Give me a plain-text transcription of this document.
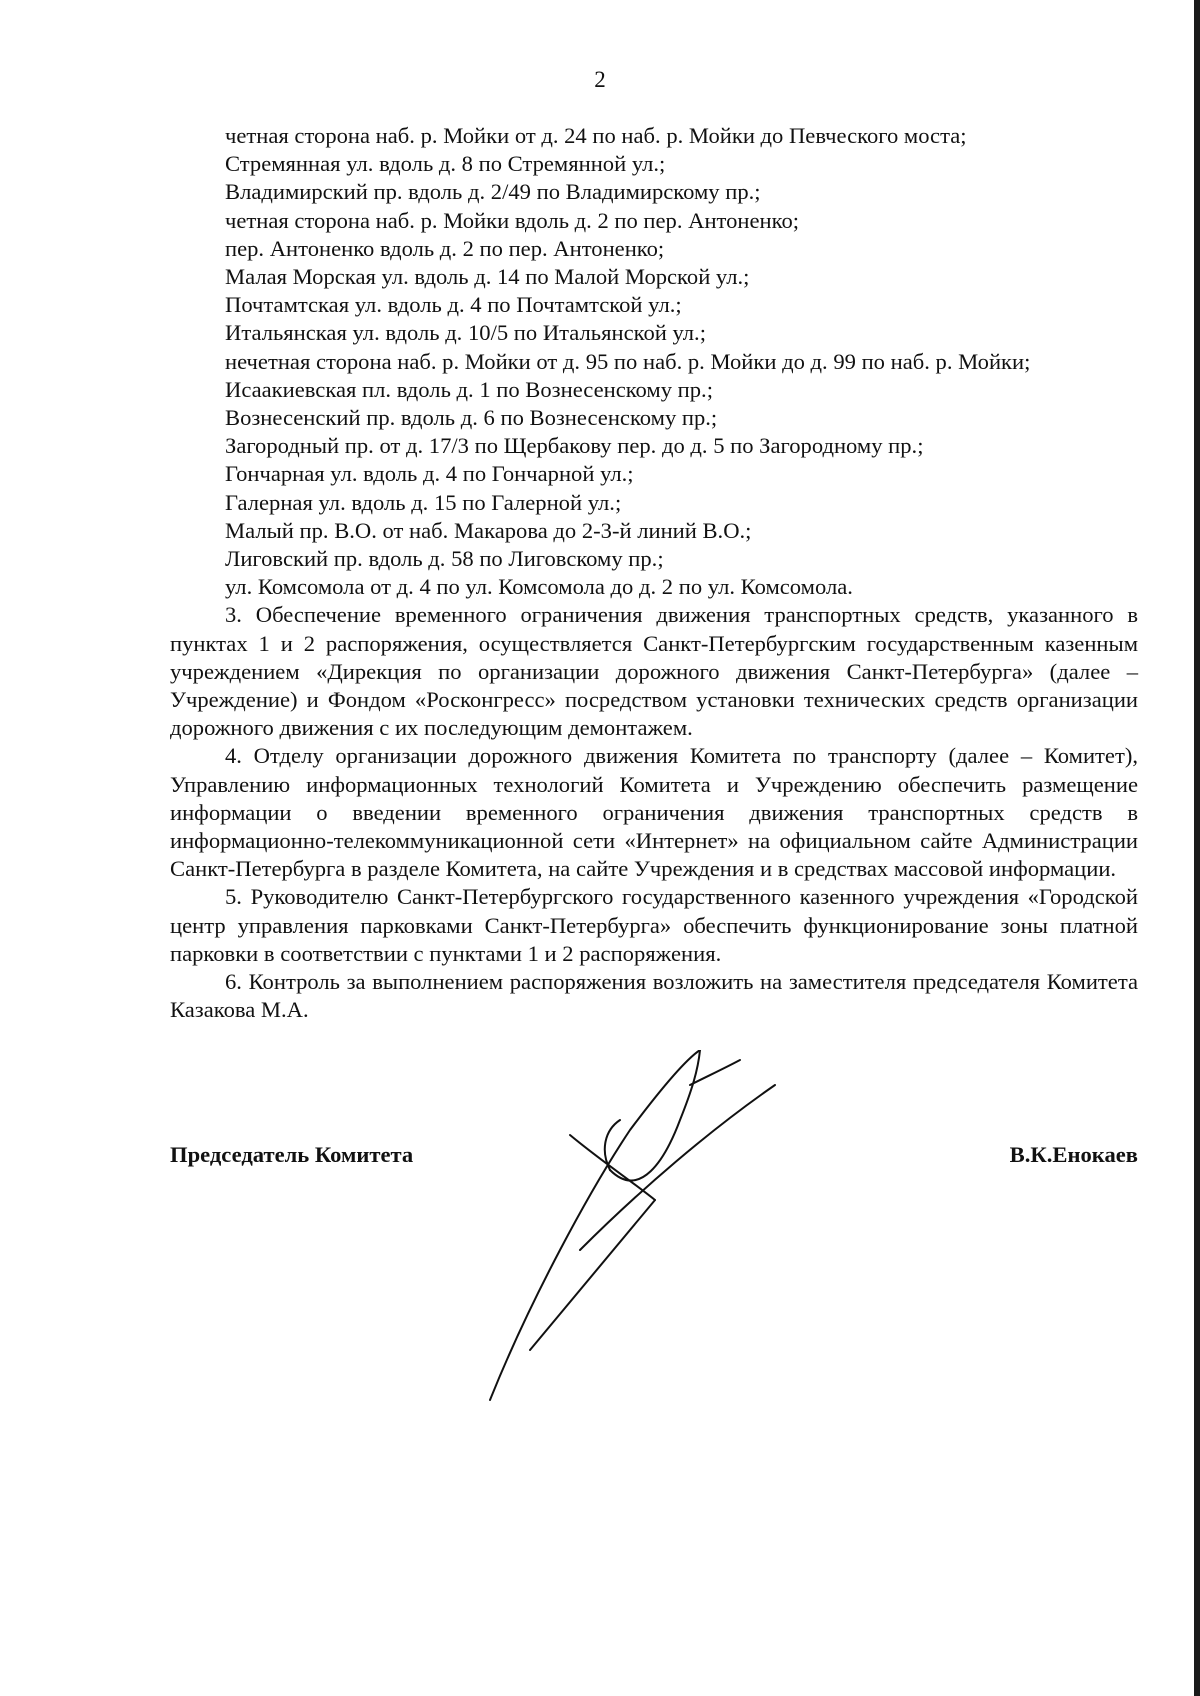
2
четная сторона наб. р. Мойки от д. 24 по наб. р. Мойки до Певческого моста;
Стремянная ул. вдоль д. 8 по Стремянной ул.;
Владимирский пр. вдоль д. 2/49 по Владимирскому пр.;
четная сторона наб. р. Мойки вдоль д. 2 по пер. Антоненко;
пер. Антоненко вдоль д. 2 по пер. Антоненко;
Малая Морская ул. вдоль д. 14 по Малой Морской ул.;
Почтамтская ул. вдоль д. 4 по Почтамтской ул.;
Итальянская ул. вдоль д. 10/5 по Итальянской ул.;
нечетная сторона наб. р. Мойки от д. 95 по наб. р. Мойки до д. 99 по наб. р. Мойки;
Исаакиевская пл. вдоль д. 1 по Вознесенскому пр.;
Вознесенский пр. вдоль д. 6 по Вознесенскому пр.;
Загородный пр. от д. 17/3 по Щербакову пер. до д. 5 по Загородному пр.;
Гончарная ул. вдоль д. 4 по Гончарной ул.;
Галерная ул. вдоль д. 15 по Галерной ул.;
Малый пр. В.О. от наб. Макарова до 2-3-й линий В.О.;
Лиговский пр. вдоль д. 58 по Лиговскому пр.;
ул. Комсомола от д. 4 по ул. Комсомола до д. 2 по ул. Комсомола.

3. Обеспечение временного ограничения движения транспортных средств, указанного в пунктах 1 и 2 распоряжения, осуществляется Санкт-Петербургским государственным казенным учреждением «Дирекция по организации дорожного движения Санкт-Петербурга» (далее – Учреждение) и Фондом «Росконгресс» посредством установки технических средств организации дорожного движения с их последующим демонтажем.

4. Отделу организации дорожного движения Комитета по транспорту (далее – Комитет), Управлению информационных технологий Комитета и Учреждению обеспечить размещение информации о введении временного ограничения движения транспортных средств в информационно-телекоммуникационной сети «Интернет» на официальном сайте Администрации Санкт-Петербурга в разделе Комитета, на сайте Учреждения и в средствах массовой информации.

5. Руководителю Санкт-Петербургского государственного казенного учреждения «Городской центр управления парковками Санкт-Петербурга» обеспечить функционирование зоны платной парковки в соответствии с пунктами 1 и 2 распоряжения.

6. Контроль за выполнением распоряжения возложить на заместителя председателя Комитета Казакова М.А.

Председатель Комитета	В.К.Енокаев
